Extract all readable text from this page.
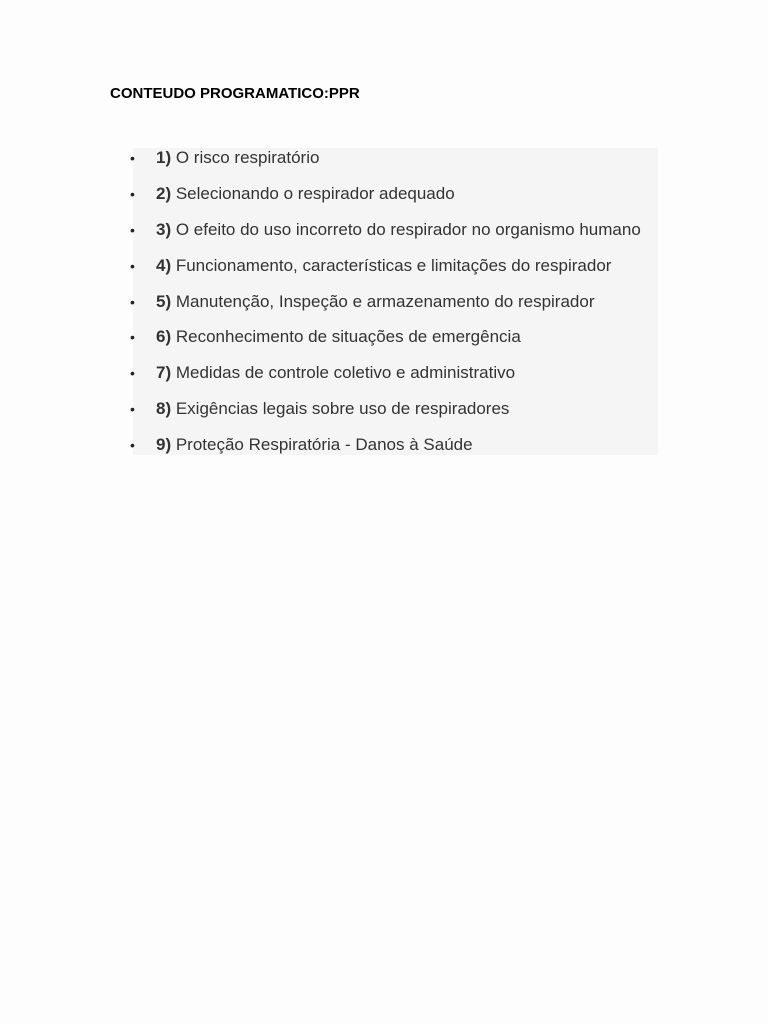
CONTEUDO PROGRAMATICO:PPR
• 1) O risco respiratório
• 2) Selecionando o respirador adequado
• 3) O efeito do uso incorreto do respirador no organismo humano
• 4) Funcionamento, características e limitações do respirador
• 5) Manutenção, Inspeção e armazenamento do respirador
• 6) Reconhecimento de situações de emergência
• 7) Medidas de controle coletivo e administrativo
• 8) Exigências legais sobre uso de respiradores
• 9) Proteção Respiratória - Danos à Saúde
